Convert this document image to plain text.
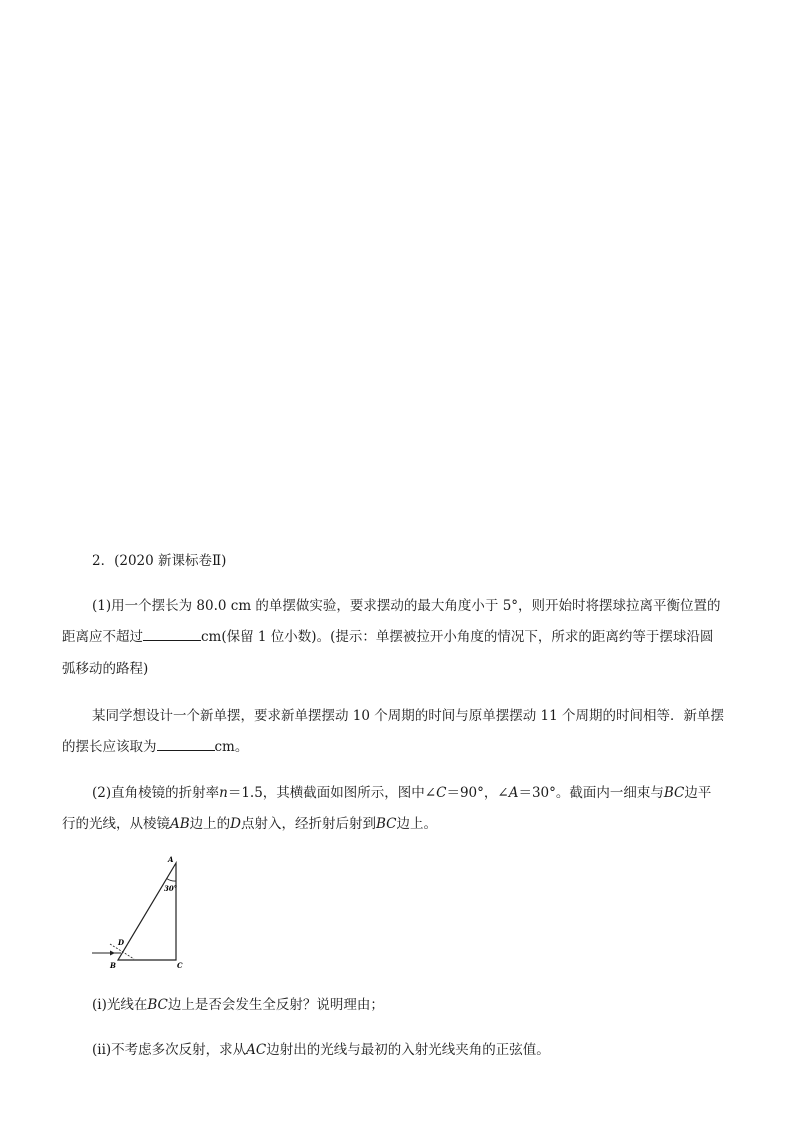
2．(2020 新课标卷Ⅱ)
(1)用一个摆长为 80.0 cm 的单摆做实验，要求摆动的最大角度小于 5°，则开始时将摆球拉离平衡位置的
距离应不超过	cm(保留 1 位小数)。(提示：单摆被拉开小角度的情况下，所求的距离约等于摆球沿圆
弧移动的路程)
某同学想设计一个新单摆，要求新单摆摆动 10 个周期的时间与原单摆摆动 11 个周期的时间相等．新单摆
的摆长应该取为	cm。
(2)直角棱镜的折射率n＝1.5，其横截面如图所示，图中∠C＝90°，∠A＝30°。截面内一细束与BC边平
行的光线，从棱镜AB边上的D点射入，经折射后射到BC边上。
30°
A
B	C
D
(i)光线在BC边上是否会发生全反射？说明理由；
(ii)不考虑多次反射，求从AC边射出的光线与最初的入射光线夹角的正弦值。
